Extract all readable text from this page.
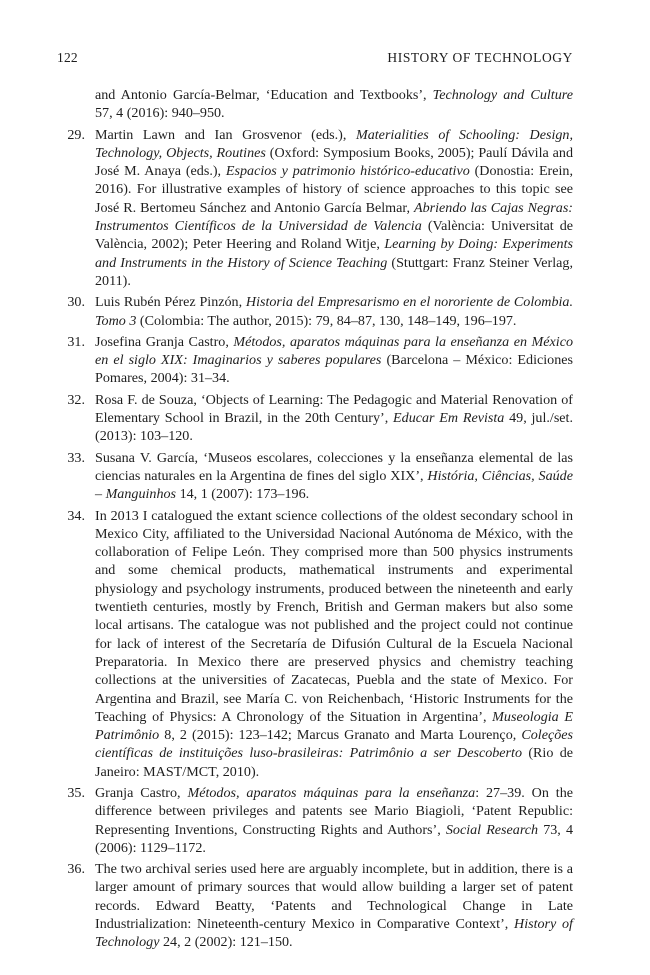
122	HISTORY OF TECHNOLOGY
and Antonio García-Belmar, ‘Education and Textbooks’, Technology and Culture 57, 4 (2016): 940–950.
29. Martin Lawn and Ian Grosvenor (eds.), Materialities of Schooling: Design, Technology, Objects, Routines (Oxford: Symposium Books, 2005); Paulí Dávila and José M. Anaya (eds.), Espacios y patrimonio histórico-educativo (Donostia: Erein, 2016). For illustrative examples of history of science approaches to this topic see José R. Bertomeu Sánchez and Antonio García Belmar, Abriendo las Cajas Negras: Instrumentos Científicos de la Universidad de Valencia (València: Universitat de València, 2002); Peter Heering and Roland Witje, Learning by Doing: Experiments and Instruments in the History of Science Teaching (Stuttgart: Franz Steiner Verlag, 2011).
30. Luis Rubén Pérez Pinzón, Historia del Empresarismo en el nororiente de Colombia. Tomo 3 (Colombia: The author, 2015): 79, 84–87, 130, 148–149, 196–197.
31. Josefina Granja Castro, Métodos, aparatos máquinas para la enseñanza en México en el siglo XIX: Imaginarios y saberes populares (Barcelona – México: Ediciones Pomares, 2004): 31–34.
32. Rosa F. de Souza, ‘Objects of Learning: The Pedagogic and Material Renovation of Elementary School in Brazil, in the 20th Century’, Educar Em Revista 49, jul./set. (2013): 103–120.
33. Susana V. García, ‘Museos escolares, colecciones y la enseñanza elemental de las ciencias naturales en la Argentina de fines del siglo XIX’, História, Ciências, Saúde – Manguinhos 14, 1 (2007): 173–196.
34. In 2013 I catalogued the extant science collections of the oldest secondary school in Mexico City, affiliated to the Universidad Nacional Autónoma de México, with the collaboration of Felipe León. They comprised more than 500 physics instruments and some chemical products, mathematical instruments and experimental physiology and psychology instruments, produced between the nineteenth and early twentieth centuries, mostly by French, British and German makers but also some local artisans. The catalogue was not published and the project could not continue for lack of interest of the Secretaría de Difusión Cultural de la Escuela Nacional Preparatoria. In Mexico there are preserved physics and chemistry teaching collections at the universities of Zacatecas, Puebla and the state of Mexico. For Argentina and Brazil, see María C. von Reichenbach, ‘Historic Instruments for the Teaching of Physics: A Chronology of the Situation in Argentina’, Museologia E Patrimônio 8, 2 (2015): 123–142; Marcus Granato and Marta Lourenço, Coleções científicas de instituições luso-brasileiras: Patrimônio a ser Descoberto (Rio de Janeiro: MAST/MCT, 2010).
35. Granja Castro, Métodos, aparatos máquinas para la enseñanza: 27–39. On the difference between privileges and patents see Mario Biagioli, ‘Patent Republic: Representing Inventions, Constructing Rights and Authors’, Social Research 73, 4 (2006): 1129–1172.
36. The two archival series used here are arguably incomplete, but in addition, there is a larger amount of primary sources that would allow building a larger set of patent records. Edward Beatty, ‘Patents and Technological Change in Late Industrialization: Nineteenth-century Mexico in Comparative Context’, History of Technology 24, 2 (2002): 121–150.
